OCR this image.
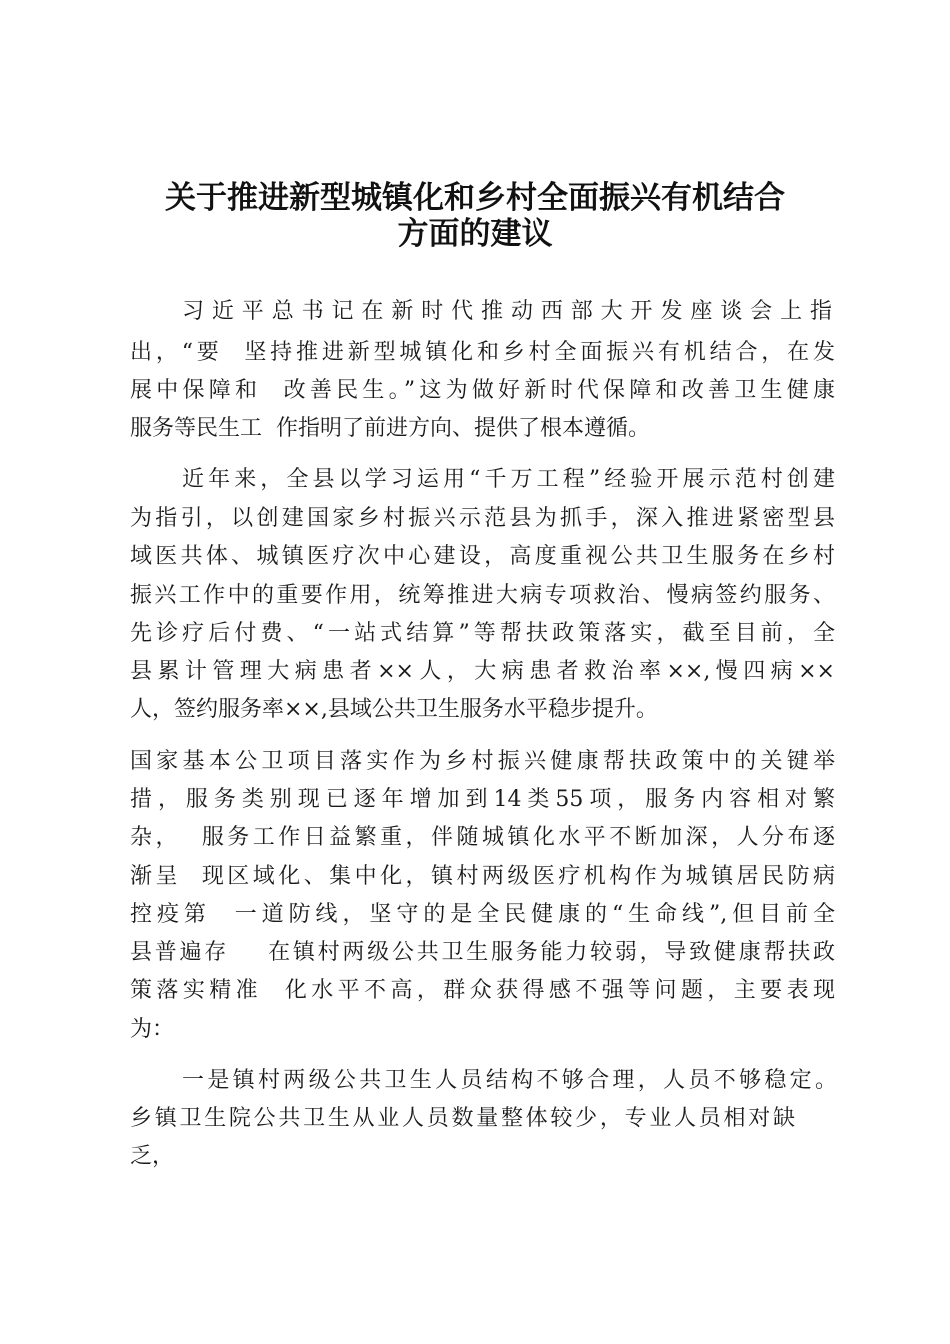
关于推进新型城镇化和乡村全面振兴有机结合
方面的建议

习近平总书记在新时代推动西部大开发座谈会上指

出，“要  坚持推进新型城镇化和乡村全面振兴有机结合，在发

展中保障和  改善民生。”这为做好新时代保障和改善卫生健康

服务等民生工  作指明了前进方向、提供了根本遵循。

近年来，全县以学习运用“千万工程”经验开展示范村创建

为指引，以创建国家乡村振兴示范县为抓手，深入推进紧密型县

域医共体、城镇医疗次中心建设，高度重视公共卫生服务在乡村

振兴工作中的重要作用，统筹推进大病专项救治、慢病签约服务、

先诊疗后付费、“一站式结算”等帮扶政策落实，截至目前，全

县累计管理大病患者××人，大病患者救治率××,慢四病××

人，签约服务率××,县域公共卫生服务水平稳步提升。

国家基本公卫项目落实作为乡村振兴健康帮扶政策中的关键举

措，服务类别现已逐年增加到14类55项，服务内容相对繁

杂，  服务工作日益繁重，伴随城镇化水平不断加深，人分布逐

渐呈  现区域化、集中化，镇村两级医疗机构作为城镇居民防病

控疫第  一道防线，坚守的是全民健康的“生命线”,但目前全

县普遍存    在镇村两级公共卫生服务能力较弱，导致健康帮扶政

策落实精准  化水平不高，群众获得感不强等问题，主要表现

为：

一是镇村两级公共卫生人员结构不够合理，人员不够稳定。

乡镇卫生院公共卫生从业人员数量整体较少，专业人员相对缺

乏，
